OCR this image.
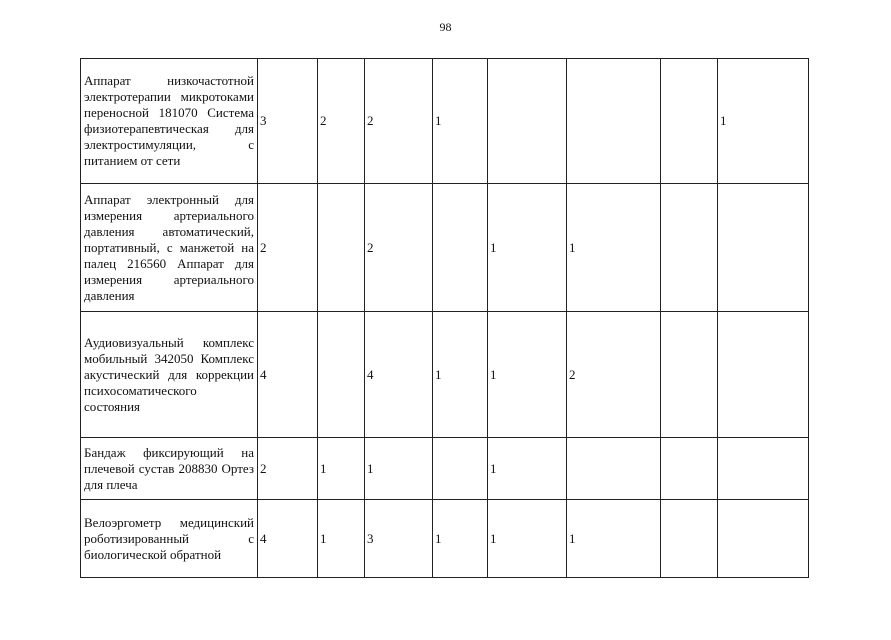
98
Аппарат низкочастотной электротерапии микротоками переносной 181070 Система физиотерапевтическая для электростимуляции, с питанием от сети	3	2	2	1				1
Аппарат электронный для измерения артериального давления автоматический, портативный, с манжетой на палец 216560 Аппарат для измерения артериального давления	2		2		1	1		
Аудиовизуальный комплекс мобильный 342050 Комплекс акустический для коррекции психосоматического состояния	4		4	1	1	2		
Бандаж фиксирующий на плечевой сустав 208830 Ортез для плеча	2	1	1		1			
Велоэргометр медицинский роботизированный с биологической обратной	4	1	3	1	1	1		
